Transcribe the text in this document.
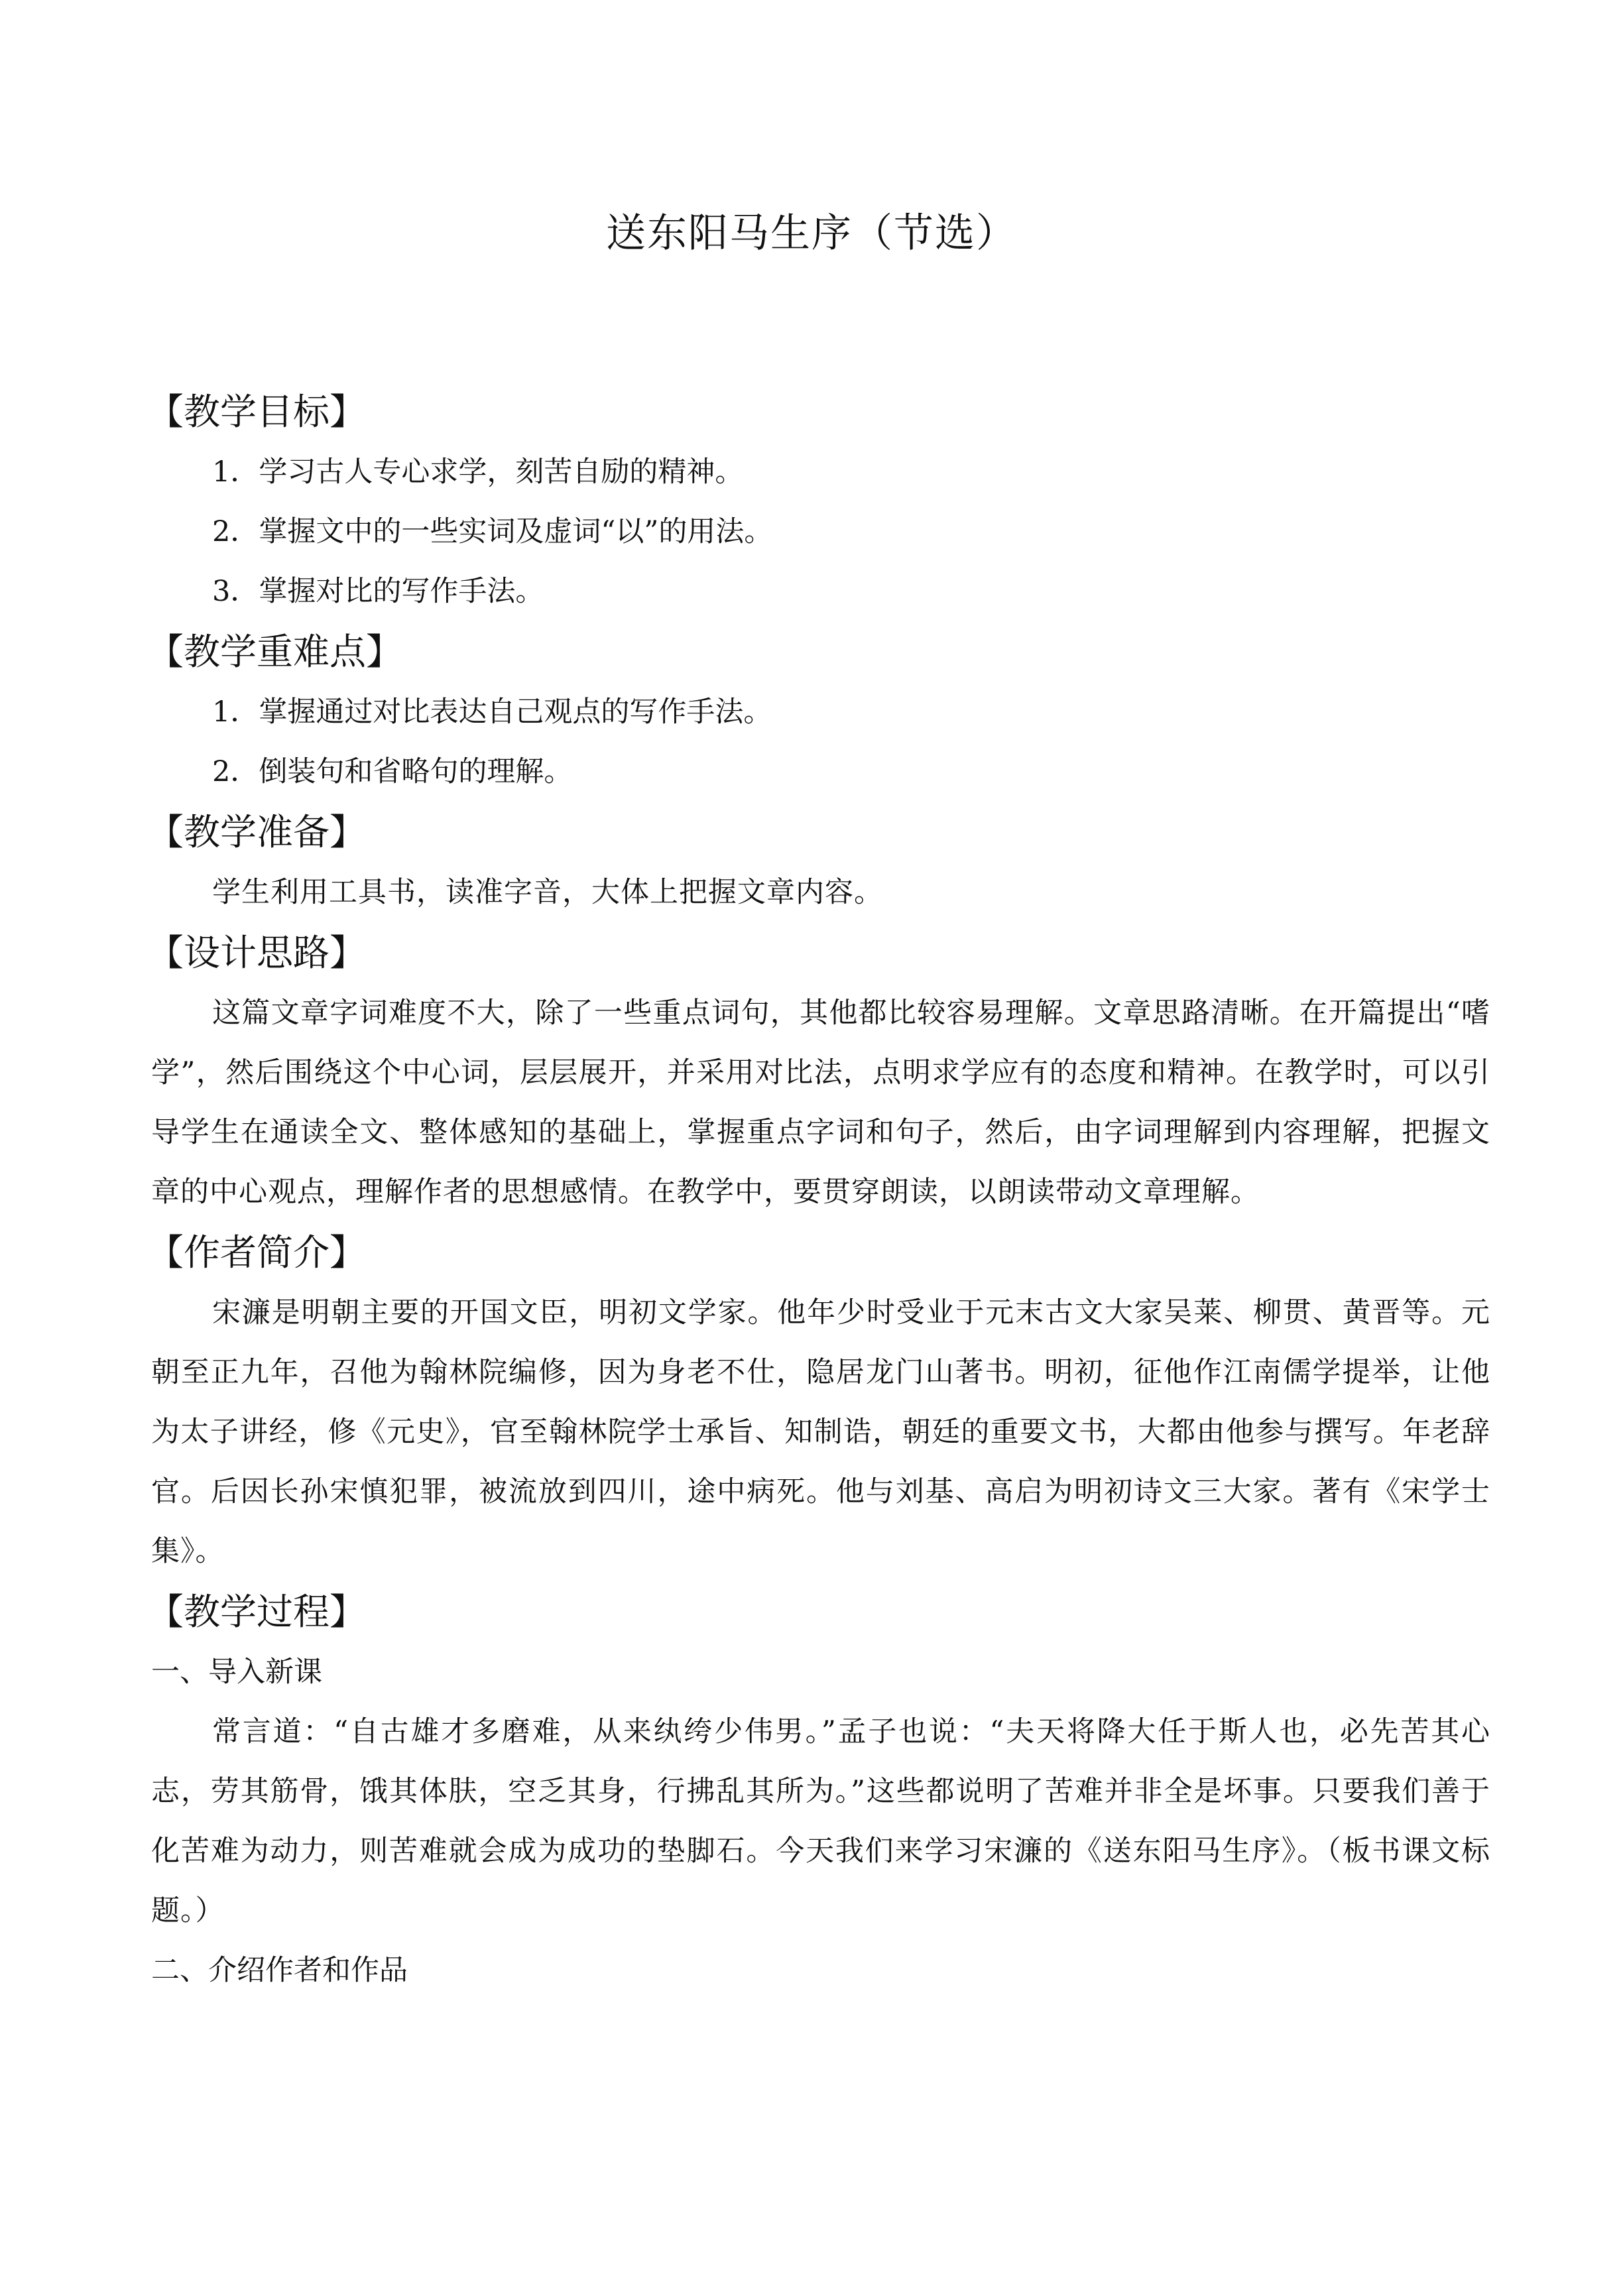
送东阳马生序（节选）
【教学目标】
1．学习古人专心求学，刻苦自励的精神。
2．掌握文中的一些实词及虚词“以”的用法。
3．掌握对比的写作手法。
【教学重难点】
1．掌握通过对比表达自己观点的写作手法。
2．倒装句和省略句的理解。
【教学准备】
学生利用工具书，读准字音，大体上把握文章内容。
【设计思路】
这篇文章字词难度不大，除了一些重点词句，其他都比较容易理解。文章思路清晰。在开篇提出“嗜学”，然后围绕这个中心词，层层展开，并采用对比法，点明求学应有的态度和精神。在教学时，可以引导学生在通读全文、整体感知的基础上，掌握重点字词和句子，然后，由字词理解到内容理解，把握文章的中心观点，理解作者的思想感情。在教学中，要贯穿朗读，以朗读带动文章理解。
【作者简介】
宋濂是明朝主要的开国文臣，明初文学家。他年少时受业于元末古文大家吴莱、柳贯、黄晋等。元朝至正九年，召他为翰林院编修，因为身老不仕，隐居龙门山著书。明初，征他作江南儒学提举，让他为太子讲经，修《元史》，官至翰林院学士承旨、知制诰，朝廷的重要文书，大都由他参与撰写。年老辞官。后因长孙宋慎犯罪，被流放到四川，途中病死。他与刘基、高启为明初诗文三大家。著有《宋学士集》。
【教学过程】
一、导入新课
常言道：“自古雄才多磨难，从来纨绔少伟男。”孟子也说：“夫天将降大任于斯人也，必先苦其心志，劳其筋骨，饿其体肤，空乏其身，行拂乱其所为。”这些都说明了苦难并非全是坏事。只要我们善于化苦难为动力，则苦难就会成为成功的垫脚石。今天我们来学习宋濂的《送东阳马生序》。（板书课文标题。）
二、介绍作者和作品
